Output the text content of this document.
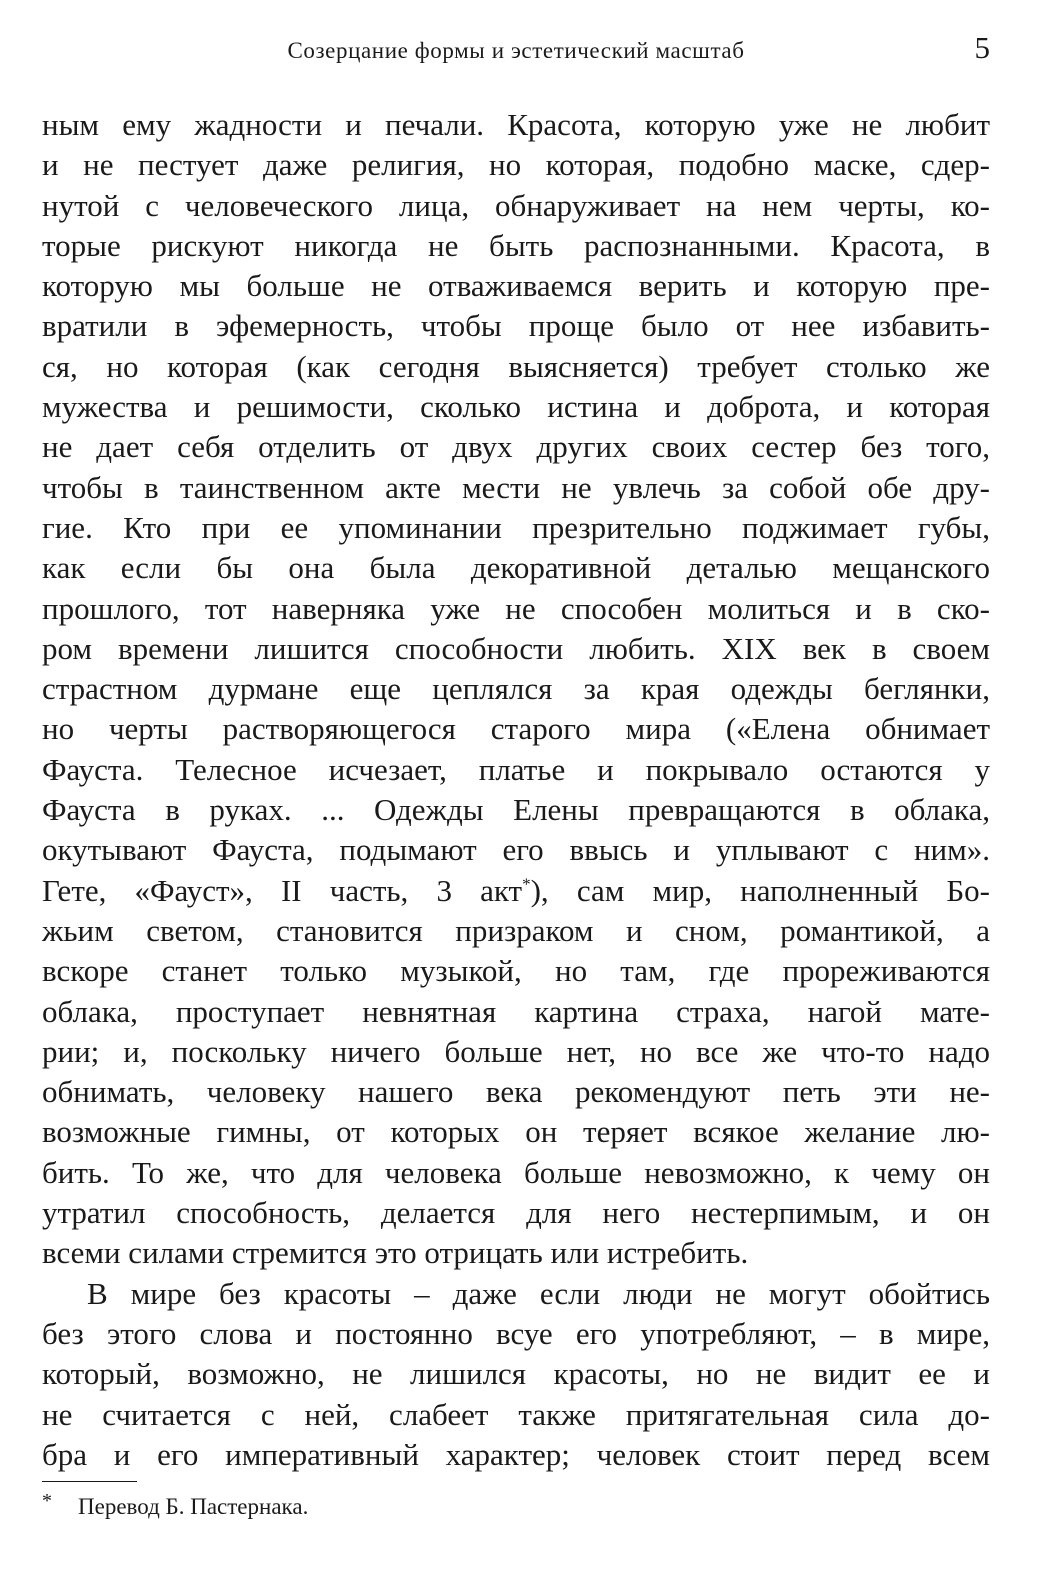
Созерцание формы и эстетический масштаб	5
ным ему жадности и печали. Красота, которую уже не любит
и не пестует даже религия, но которая, подобно маске, сдер-
нутой с человеческого лица, обнаруживает на нем черты, ко-
торые рискуют никогда не быть распознанными. Красота, в
которую мы больше не отваживаемся верить и которую пре-
вратили в эфемерность, чтобы проще было от нее избавить-
ся, но которая (как сегодня выясняется) требует столько же
мужества и решимости, сколько истина и доброта, и которая
не дает себя отделить от двух других своих сестер без того,
чтобы в таинственном акте мести не увлечь за собой обе дру-
гие. Кто при ее упоминании презрительно поджимает губы,
как если бы она была декоративной деталью мещанского
прошлого, тот наверняка уже не способен молиться и в ско-
ром времени лишится способности любить. XIX век в своем
страстном дурмане еще цеплялся за края одежды беглянки,
но черты растворяющегося старого мира («Елена обнимает
Фауста. Телесное исчезает, платье и покрывало остаются у
Фауста в руках. ... Одежды Елены превращаются в облака,
окутывают Фауста, подымают его ввысь и уплывают с ним».
Гете, «Фауст», II часть, 3 акт*), сам мир, наполненный Бо-
жьим светом, становится призраком и сном, романтикой, а
вскоре станет только музыкой, но там, где прореживаются
облака, проступает невнятная картина страха, нагой мате-
рии; и, поскольку ничего больше нет, но все же что-то надо
обнимать, человеку нашего века рекомендуют петь эти не-
возможные гимны, от которых он теряет всякое желание лю-
бить. То же, что для человека больше невозможно, к чему он
утратил способность, делается для него нестерпимым, и он
всеми силами стремится это отрицать или истребить.
В мире без красоты – даже если люди не могут обойтись
без этого слова и постоянно всуе его употребляют, – в мире,
который, возможно, не лишился красоты, но не видит ее и
не считается с ней, слабеет также притягательная сила до-
бра и его императивный характер; человек стоит перед всем
* Перевод Б. Пастернака.
